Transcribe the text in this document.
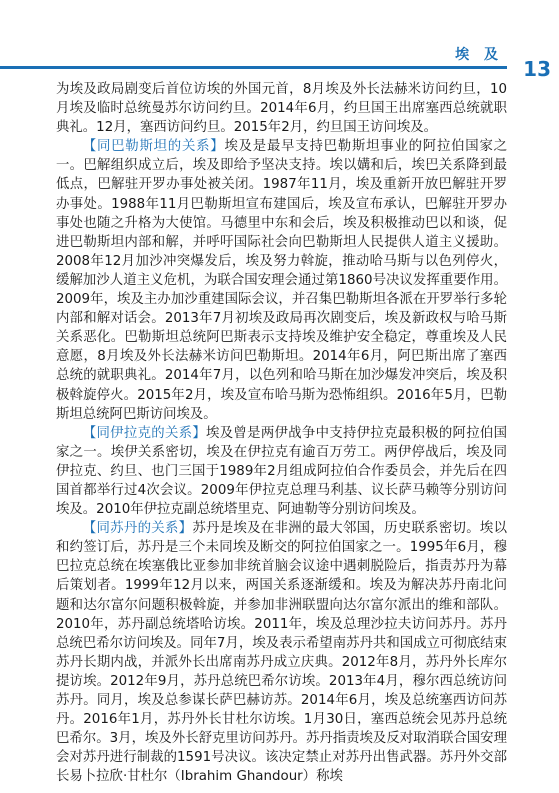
埃 及
13

为埃及政局剧变后首位访埃的外国元首，8月埃及外长法赫米访问约旦，10月埃及临时总统曼苏尔访问约旦。2014年6月，约旦国王出席塞西总统就职典礼。12月，塞西访问约旦。2015年2月，约旦国王访问埃及。

【同巴勒斯坦的关系】埃及是最早支持巴勒斯坦事业的阿拉伯国家之一。巴解组织成立后，埃及即给予坚决支持。埃以媾和后，埃巴关系降到最低点，巴解驻开罗办事处被关闭。1987年11月，埃及重新开放巴解驻开罗办事处。1988年11月巴勒斯坦宣布建国后，埃及宣布承认，巴解驻开罗办事处也随之升格为大使馆。马德里中东和会后，埃及积极推动巴以和谈，促进巴勒斯坦内部和解，并呼吁国际社会向巴勒斯坦人民提供人道主义援助。2008年12月加沙冲突爆发后，埃及努力斡旋，推动哈马斯与以色列停火，缓解加沙人道主义危机，为联合国安理会通过第1860号决议发挥重要作用。2009年，埃及主办加沙重建国际会议，并召集巴勒斯坦各派在开罗举行多轮内部和解对话会。2013年7月初埃及政局再次剧变后，埃及新政权与哈马斯关系恶化。巴勒斯坦总统阿巴斯表示支持埃及维护安全稳定，尊重埃及人民意愿，8月埃及外长法赫米访问巴勒斯坦。2014年6月，阿巴斯出席了塞西总统的就职典礼。2014年7月，以色列和哈马斯在加沙爆发冲突后，埃及积极斡旋停火。2015年2月，埃及宣布哈马斯为恐怖组织。2016年5月，巴勒斯坦总统阿巴斯访问埃及。

【同伊拉克的关系】埃及曾是两伊战争中支持伊拉克最积极的阿拉伯国家之一。埃伊关系密切，埃及在伊拉克有逾百万劳工。两伊停战后，埃及同伊拉克、约旦、也门三国于1989年2月组成阿拉伯合作委员会，并先后在四国首都举行过4次会议。2009年伊拉克总理马利基、议长萨马赖等分别访问埃及。2010年伊拉克副总统塔里克、阿迪勒等分别访问埃及。

【同苏丹的关系】苏丹是埃及在非洲的最大邻国，历史联系密切。埃以和约签订后，苏丹是三个未同埃及断交的阿拉伯国家之一。1995年6月，穆巴拉克总统在埃塞俄比亚参加非统首脑会议途中遇刺脱险后，指责苏丹为幕后策划者。1999年12月以来，两国关系逐渐缓和。埃及为解决苏丹南北问题和达尔富尔问题积极斡旋，并参加非洲联盟向达尔富尔派出的维和部队。2010年，苏丹副总统塔哈访埃。2011年，埃及总理沙拉夫访问苏丹。苏丹总统巴希尔访问埃及。同年7月，埃及表示希望南苏丹共和国成立可彻底结束苏丹长期内战，并派外长出席南苏丹成立庆典。2012年8月，苏丹外长库尔提访埃。2012年9月，苏丹总统巴希尔访埃。2013年4月，穆尔西总统访问苏丹。同月，埃及总参谋长萨巴赫访苏。2014年6月，埃及总统塞西访问苏丹。2016年1月，苏丹外长甘杜尔访埃。1月30日，塞西总统会见苏丹总统巴希尔。3月，埃及外长舒克里访问苏丹。苏丹指责埃及反对取消联合国安理会对苏丹进行制裁的1591号决议。该决定禁止对苏丹出售武器。苏丹外交部长易卜拉欣·甘杜尔（Ibrahim Ghandour）称埃
